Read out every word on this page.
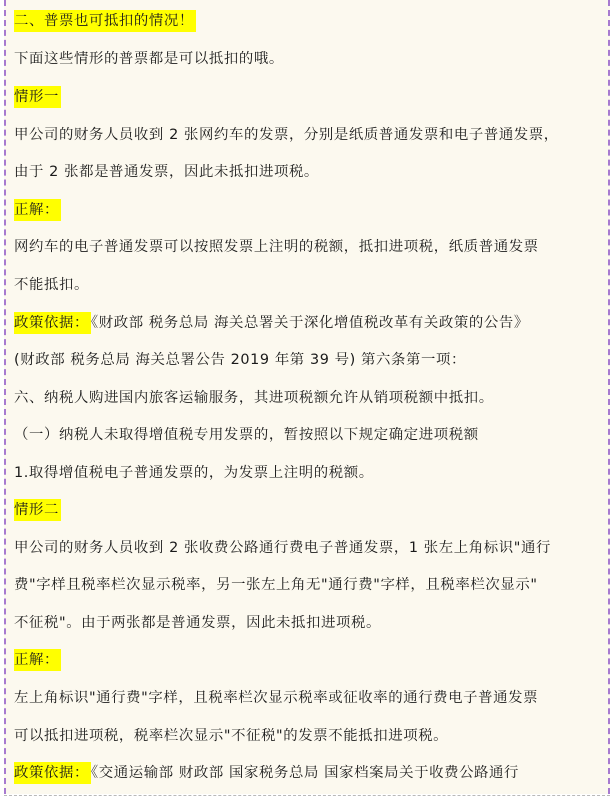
二、普票也可抵扣的情况！
下面这些情形的普票都是可以抵扣的哦。
情形一
甲公司的财务人员收到 2 张网约车的发票，分别是纸质普通发票和电子普通发票，
由于 2 张都是普通发票，因此未抵扣进项税。
正解：
网约车的电子普通发票可以按照发票上注明的税额，抵扣进项税，纸质普通发票
不能抵扣。
政策依据： 《财政部 税务总局 海关总署关于深化增值税改革有关政策的公告》
(财政部 税务总局 海关总署公告 2019 年第 39 号) 第六条第一项：
六、纳税人购进国内旅客运输服务，其进项税额允许从销项税额中抵扣。
（一）纳税人未取得增值税专用发票的，暂按照以下规定确定进项税额
1.取得增值税电子普通发票的，为发票上注明的税额。
情形二
甲公司的财务人员收到 2 张收费公路通行费电子普通发票，1 张左上角标识"通行
费"字样且税率栏次显示税率，另一张左上角无"通行费"字样，且税率栏次显示"
不征税"。由于两张都是普通发票，因此未抵扣进项税。
正解：
左上角标识"通行费"字样，且税率栏次显示税率或征收率的通行费电子普通发票
可以抵扣进项税，税率栏次显示"不征税"的发票不能抵扣进项税。
政策依据： 《交通运输部 财政部 国家税务总局 国家档案局关于收费公路通行
